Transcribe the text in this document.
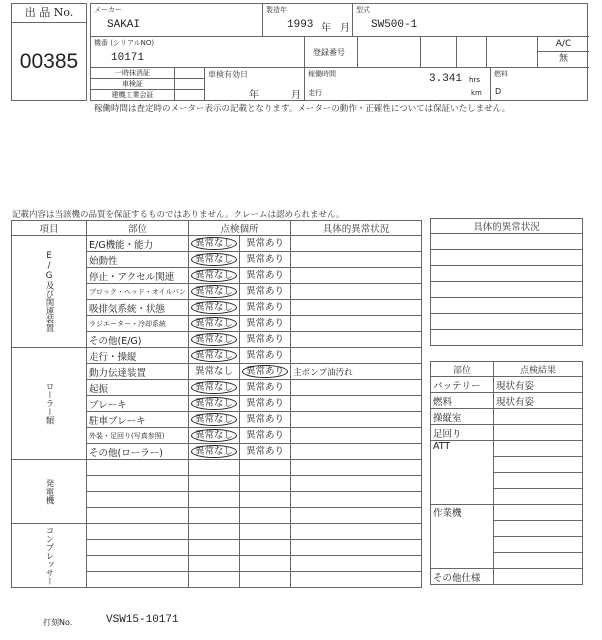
出 品 No.
00385
メーカー
SAKAI
製造年
1993 年 月
型式
SW500-1
機番 (シリアルNO)
10171	登録番号
A/C
無
一時抹消証
車検証
建機工業会証
車検有効日
年	月
稼働時間	3.341 hrs
走行	km
燃料
D
稼働時間は査定時のメーター表示の記載となります。メーターの動作・正確性については保証いたしません。
記載内容は当該機の品質を保証するものではありません。クレームは認められません。
項目	部位	点検個所		具体的異常状況
E/G及び関連装置	E/G機能・能力	異常なし	異常あり	
	始動性	異常なし	異常あり	
	停止・アクセル関連	異常なし	異常あり	
	ブロック・ヘッド・オイルパン	異常なし	異常あり	
	吸排気系統・状態	異常なし	異常あり	
	ラジエーター・冷却系統	異常なし	異常あり	
	その他(E/G)	異常なし	異常あり	
ローラー類	走行・操縦	異常なし	異常あり	
	動力伝達装置	異常なし	異常あり	主ポンプ油汚れ
	起振	異常なし	異常あり	
	ブレーキ	異常なし	異常あり	
	駐車ブレーキ	異常なし	異常あり	
	外装・足回り(写真参照)	異常なし	異常あり	
	その他(ローラー)	異常なし	異常あり	
発電機				

コンプレッサー				

具体的異常状況

部位	点検結果
バッテリー	現状有姿
燃料	現状有姿
操縦室	
足回り	
ATT	

作業機	

その他仕様	
打刻No.	VSW15-10171
